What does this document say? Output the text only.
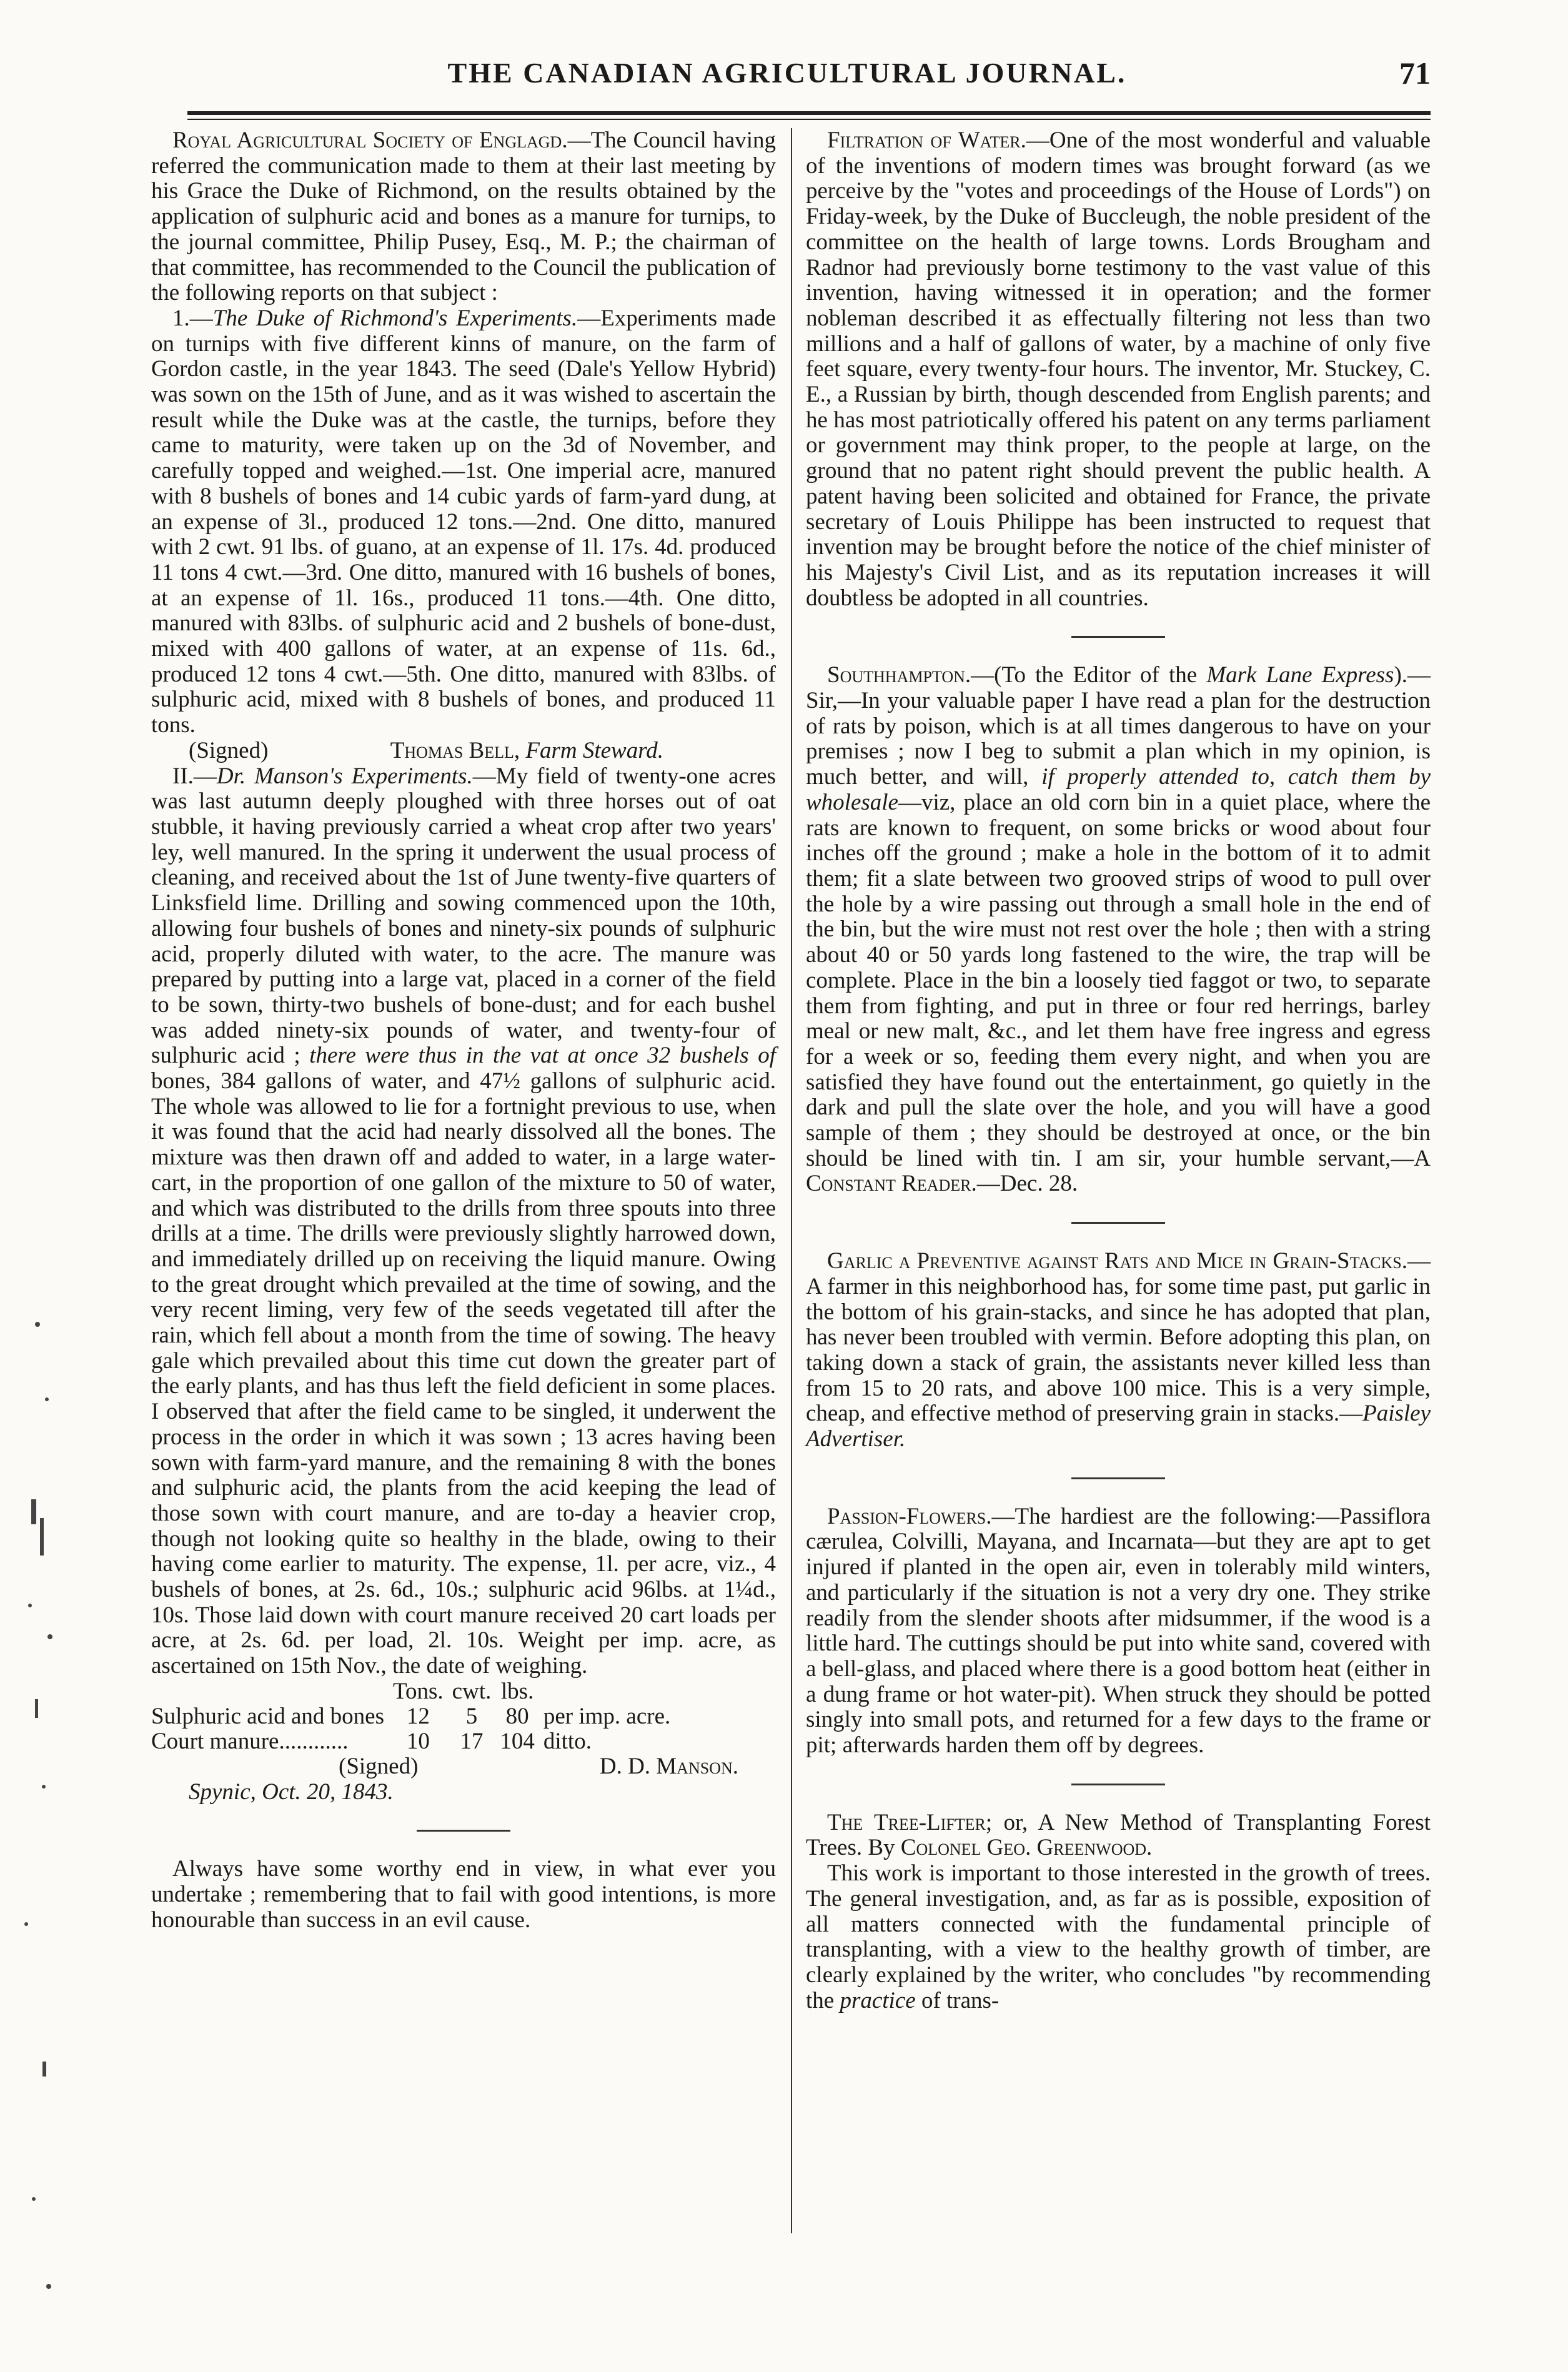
THE CANADIAN AGRICULTURAL JOURNAL.	71

Royal Agricultural Society of Englagd.—The Council having referred the communication made to them at their last meeting by his Grace the Duke of Richmond, on the results obtained by the application of sulphuric acid and bones as a manure for turnips, to the journal committee, Philip Pusey, Esq., M. P.; the chairman of that committee, has recommended to the Council the publication of the following reports on that subject :

1.—The Duke of Richmond's Experiments.—Experiments made on turnips with five different kinns of manure, on the farm of Gordon castle, in the year 1843. The seed (Dale's Yellow Hybrid) was sown on the 15th of June, and as it was wished to ascertain the result while the Duke was at the castle, the turnips, before they came to maturity, were taken up on the 3d of November, and carefully topped and weighed.—1st. One imperial acre, manured with 8 bushels of bones and 14 cubic yards of farm-yard dung, at an expense of 3l., produced 12 tons.—2nd. One ditto, manured with 2 cwt. 91 lbs. of guano, at an expense of 1l. 17s. 4d. produced 11 tons 4 cwt.—3rd. One ditto, manured with 16 bushels of bones, at an expense of 1l. 16s., produced 11 tons.—4th. One ditto, manured with 83lbs. of sulphuric acid and 2 bushels of bone-dust, mixed with 400 gallons of water, at an expense of 11s. 6d., produced 12 tons 4 cwt.—5th. One ditto, manured with 83lbs. of sulphuric acid, mixed with 8 bushels of bones, and produced 11 tons.

(Signed)	Thomas Bell, Farm Steward.

II.—Dr. Manson's Experiments.—My field of twenty-one acres was last autumn deeply ploughed with three horses out of oat stubble, it having previously carried a wheat crop after two years' ley, well manured. In the spring it underwent the usual process of cleaning, and received about the 1st of June twenty-five quarters of Linksfield lime. Drilling and sowing commenced upon the 10th, allowing four bushels of bones and ninety-six pounds of sulphuric acid, properly diluted with water, to the acre. The manure was prepared by putting into a large vat, placed in a corner of the field to be sown, thirty-two bushels of bone-dust; and for each bushel was added ninety-six pounds of water, and twenty-four of sulphuric acid ; there were thus in the vat at once 32 bushels of bones, 384 gallons of water, and 47½ gallons of sulphuric acid. The whole was allowed to lie for a fortnight previous to use, when it was found that the acid had nearly dissolved all the bones. The mixture was then drawn off and added to water, in a large water-cart, in the proportion of one gallon of the mixture to 50 of water, and which was distributed to the drills from three spouts into three drills at a time. The drills were previously slightly harrowed down, and immediately drilled up on receiving the liquid manure. Owing to the great drought which prevailed at the time of sowing, and the very recent liming, very few of the seeds vegetated till after the rain, which fell about a month from the time of sowing. The heavy gale which prevailed about this time cut down the greater part of the early plants, and has thus left the field deficient in some places. I observed that after the field came to be singled, it underwent the process in the order in which it was sown ; 13 acres having been sown with farm-yard manure, and the remaining 8 with the bones and sulphuric acid, the plants from the acid keeping the lead of those sown with court manure, and are to-day a heavier crop, though not looking quite so healthy in the blade, owing to their having come earlier to maturity. The expense, 1l. per acre, viz., 4 bushels of bones, at 2s. 6d., 10s.; sulphuric acid 96lbs. at 1¼d., 10s. Those laid down with court manure received 20 cart loads per acre, at 2s. 6d. per load, 2l. 10s. Weight per imp. acre, as ascertained on 15th Nov., the date of weighing.

	Tons.	cwt.	lbs.	
Sulphuric acid and bones	12	5	80	per imp. acre.
Court manure............	10	17	104	ditto.
(Signed)	D. D. Manson.
Spynic, Oct. 20, 1843.

Always have some worthy end in view, in what ever you undertake ; remembering that to fail with good intentions, is more honourable than success in an evil cause.

Filtration of Water.—One of the most wonderful and valuable of the inventions of modern times was brought forward (as we perceive by the "votes and proceedings of the House of Lords") on Friday-week, by the Duke of Buccleugh, the noble president of the committee on the health of large towns. Lords Brougham and Radnor had previously borne testimony to the vast value of this invention, having witnessed it in operation; and the former nobleman described it as effectually filtering not less than two millions and a half of gallons of water, by a machine of only five feet square, every twenty-four hours. The inventor, Mr. Stuckey, C. E., a Russian by birth, though descended from English parents; and he has most patriotically offered his patent on any terms parliament or government may think proper, to the people at large, on the ground that no patent right should prevent the public health. A patent having been solicited and obtained for France, the private secretary of Louis Philippe has been instructed to request that invention may be brought before the notice of the chief minister of his Majesty's Civil List, and as its reputation increases it will doubtless be adopted in all countries.

Southhampton.—(To the Editor of the Mark Lane Express).—Sir,—In your valuable paper I have read a plan for the destruction of rats by poison, which is at all times dangerous to have on your premises ; now I beg to submit a plan which in my opinion, is much better, and will, if properly attended to, catch them by wholesale—viz, place an old corn bin in a quiet place, where the rats are known to frequent, on some bricks or wood about four inches off the ground ; make a hole in the bottom of it to admit them; fit a slate between two grooved strips of wood to pull over the hole by a wire passing out through a small hole in the end of the bin, but the wire must not rest over the hole ; then with a string about 40 or 50 yards long fastened to the wire, the trap will be complete. Place in the bin a loosely tied faggot or two, to separate them from fighting, and put in three or four red herrings, barley meal or new malt, &c., and let them have free ingress and egress for a week or so, feeding them every night, and when you are satisfied they have found out the entertainment, go quietly in the dark and pull the slate over the hole, and you will have a good sample of them ; they should be destroyed at once, or the bin should be lined with tin. I am sir, your humble servant,—A Constant Reader.—Dec. 28.

Garlic a Preventive against Rats and Mice in Grain-Stacks.—A farmer in this neighborhood has, for some time past, put garlic in the bottom of his grain-stacks, and since he has adopted that plan, has never been troubled with vermin. Before adopting this plan, on taking down a stack of grain, the assistants never killed less than from 15 to 20 rats, and above 100 mice. This is a very simple, cheap, and effective method of preserving grain in stacks.—Paisley Advertiser.

Passion-Flowers.—The hardiest are the following:—Passiflora cærulea, Colvilli, Mayana, and Incarnata—but they are apt to get injured if planted in the open air, even in tolerably mild winters, and particularly if the situation is not a very dry one. They strike readily from the slender shoots after midsummer, if the wood is a little hard. The cuttings should be put into white sand, covered with a bell-glass, and placed where there is a good bottom heat (either in a dung frame or hot water-pit). When struck they should be potted singly into small pots, and returned for a few days to the frame or pit; afterwards harden them off by degrees.

The Tree-Lifter; or, A New Method of Transplanting Forest Trees. By Colonel Geo. Greenwood.

This work is important to those interested in the growth of trees. The general investigation, and, as far as is possible, exposition of all matters connected with the fundamental principle of transplanting, with a view to the healthy growth of timber, are clearly explained by the writer, who concludes "by recommending the practice of trans-
